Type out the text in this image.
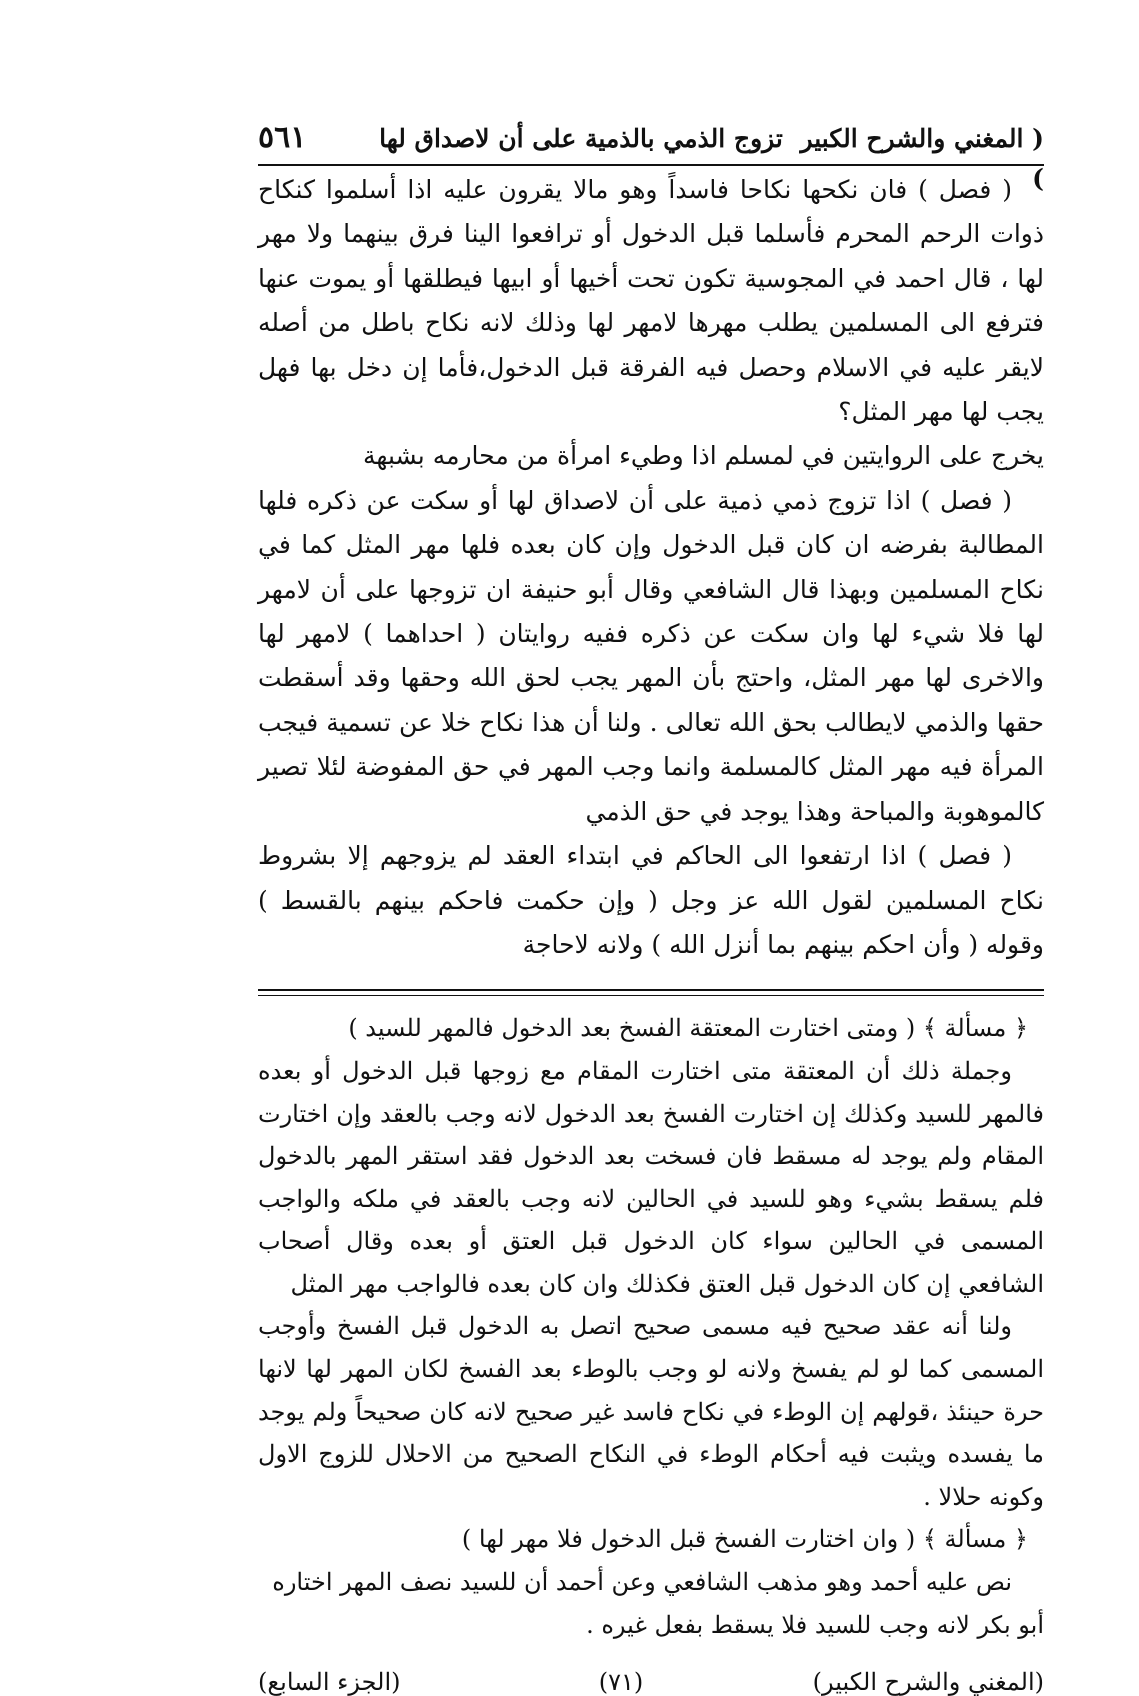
( المغني والشرح الكبير )
تزوج الذمي بالذمية على أن لاصداق لها
٥٦١

( فصل ) فان نكحها نكاحا فاسداً وهو مالا يقرون عليه اذا أسلموا كنكاح ذوات الرحم المحرم فأسلما قبل الدخول أو ترافعوا الينا فرق بينهما ولا مهر لها ، قال احمد في المجوسية تكون تحت أخيها أو ابيها فيطلقها أو يموت عنها فترفع الى المسلمين يطلب مهرها لامهر لها وذلك لانه نكاح باطل من أصله لايقر عليه في الاسلام وحصل فيه الفرقة قبل الدخول،فأما إن دخل بها فهل يجب لها مهر المثل؟

يخرج على الروايتين في لمسلم اذا وطيء امرأة من محارمه بشبهة

( فصل ) اذا تزوج ذمي ذمية على أن لاصداق لها أو سكت عن ذكره فلها المطالبة بفرضه ان كان قبل الدخول وإن كان بعده فلها مهر المثل كما في نكاح المسلمين وبهذا قال الشافعي وقال أبو حنيفة ان تزوجها على أن لامهر لها فلا شيء لها وان سكت عن ذكره ففيه روايتان ( احداهما ) لامهر لها والاخرى لها مهر المثل، واحتج بأن المهر يجب لحق الله وحقها وقد أسقطت حقها والذمي لايطالب بحق الله تعالى . ولنا أن هذا نكاح خلا عن تسمية فيجب المرأة فيه مهر المثل كالمسلمة وانما وجب المهر في حق المفوضة لئلا تصير كالموهوبة والمباحة وهذا يوجد في حق الذمي

( فصل ) اذا ارتفعوا الى الحاكم في ابتداء العقد لم يزوجهم إلا بشروط نكاح المسلمين لقول الله عز وجل ( وإن حكمت فاحكم بينهم بالقسط ) وقوله ( وأن احكم بينهم بما أنزل الله ) ولانه لاحاجة

﴿ مسألة ﴾ ( ومتى اختارت المعتقة الفسخ بعد الدخول فالمهر للسيد )

وجملة ذلك أن المعتقة متى اختارت المقام مع زوجها قبل الدخول أو بعده فالمهر للسيد وكذلك إن اختارت الفسخ بعد الدخول لانه وجب بالعقد وإن اختارت المقام ولم يوجد له مسقط فان فسخت بعد الدخول فقد استقر المهر بالدخول فلم يسقط بشيء وهو للسيد في الحالين لانه وجب بالعقد في ملكه والواجب المسمى في الحالين سواء كان الدخول قبل العتق أو بعده وقال أصحاب الشافعي إن كان الدخول قبل العتق فكذلك وان كان بعده فالواجب مهر المثل

ولنا أنه عقد صحيح فيه مسمى صحيح اتصل به الدخول قبل الفسخ وأوجب المسمى كما لو لم يفسخ ولانه لو وجب بالوطء بعد الفسخ لكان المهر لها لانها حرة حينئذ ،قولهم إن الوطء في نكاح فاسد غير صحيح لانه كان صحيحاً ولم يوجد ما يفسده ويثبت فيه أحكام الوطء في النكاح الصحيح من الاحلال للزوج الاول وكونه حلالا .

﴿ مسألة ﴾ ( وان اختارت الفسخ قبل الدخول فلا مهر لها )

نص عليه أحمد وهو مذهب الشافعي وعن أحمد أن للسيد نصف المهر اختاره أبو بكر لانه وجب للسيد فلا يسقط بفعل غيره .

(المغني والشرح الكبير)
(٧١)
(الجزء السابع)
